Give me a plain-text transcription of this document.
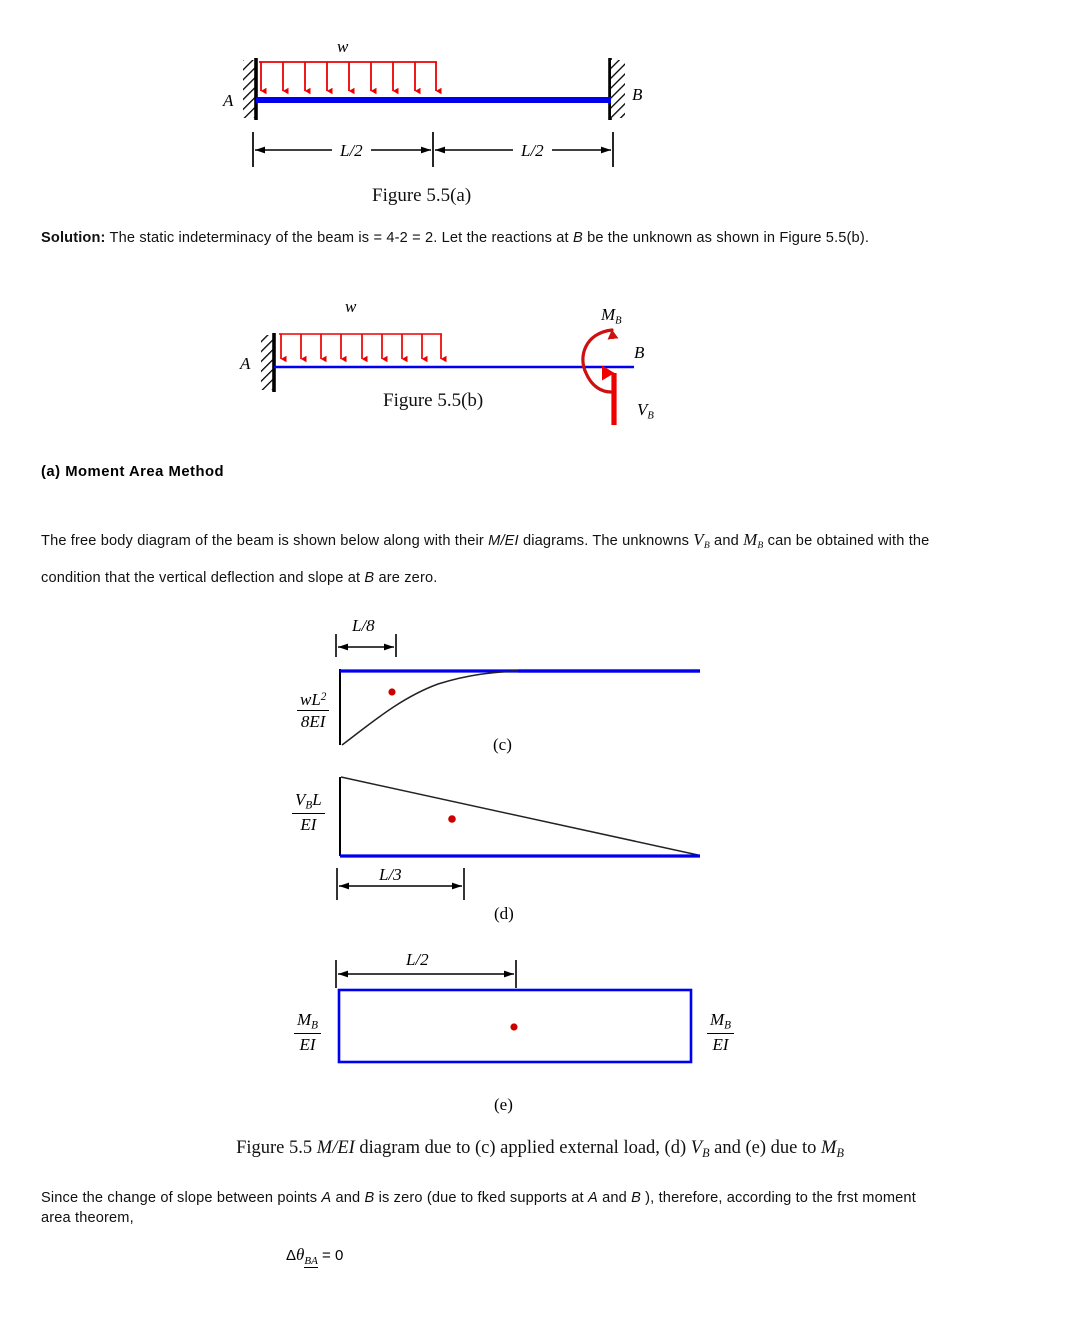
w
A	B
L/2	L/2
Figure 5.5(a)
Solution: The static indeterminacy of the beam is = 4-2 = 2. Let the reactions at B be the unknown as shown in Figure 5.5(b).
w
A
B
$M_B$
$V_B$
Figure 5.5(b)
(a) Moment Area Method
The free body diagram of the beam is shown below along with their M/EI diagrams. The unknowns $V_B$ and $M_B$ can be obtained with the condition that the vertical deflection and slope at B are zero.
L/8
$\frac{wL^2}{8EI}$
(c)
$\frac{V_BL}{EI}$
L/3
(d)
L/2
$\frac{M_B}{EI}$	$\frac{M_B}{EI}$
(e)
Figure 5.5 M/EI diagram due to (c) applied external load, (d) $V_B$ and (e) due to $M_B$
Since the change of slope between points A and B is zero (due to fked supports at A and B ), therefore, according to the frst moment area theorem,
$\Delta\theta_{BA} = 0$
